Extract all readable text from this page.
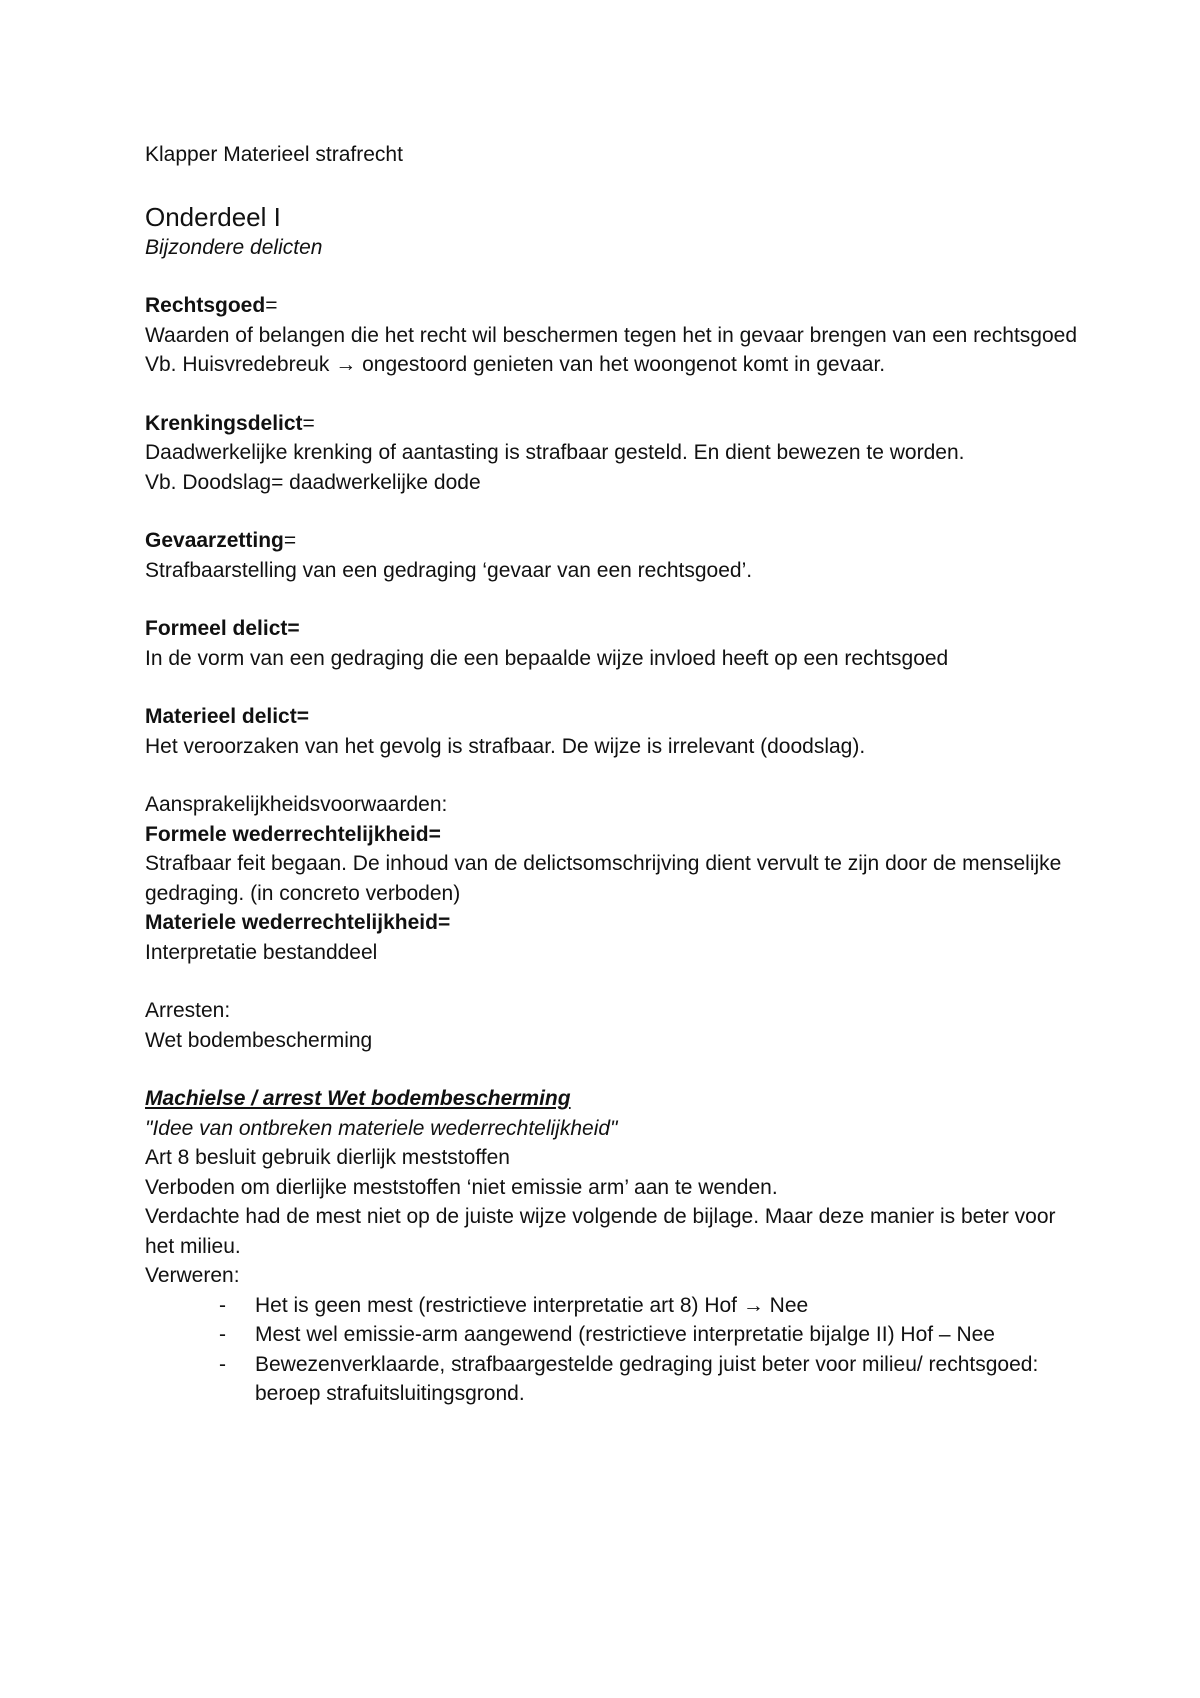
Klapper Materieel strafrecht

Onderdeel I

Bijzondere delicten

Rechtsgoed=

Waarden of belangen die het recht wil beschermen tegen het in gevaar brengen van een rechtsgoed

Vb. Huisvredebreuk → ongestoord genieten van het woongenot komt in gevaar.

Krenkingsdelict=

Daadwerkelijke krenking of aantasting is strafbaar gesteld. En dient bewezen te worden.

Vb. Doodslag= daadwerkelijke dode

Gevaarzetting=

Strafbaarstelling van een gedraging ‘gevaar van een rechtsgoed’.

Formeel delict=

In de vorm van een gedraging die een bepaalde wijze invloed heeft op een rechtsgoed

Materieel delict=

Het veroorzaken van het gevolg is strafbaar. De wijze is irrelevant (doodslag).

Aansprakelijkheidsvoorwaarden:

Formele wederrechtelijkheid=

Strafbaar feit begaan. De inhoud van de delictsomschrijving dient vervult te zijn door de menselijke gedraging. (in concreto verboden)

Materiele wederrechtelijkheid=

Interpretatie bestanddeel

Arresten:

Wet bodembescherming

Machielse / arrest Wet bodembescherming

"Idee van ontbreken materiele wederrechtelijkheid"

Art 8 besluit gebruik dierlijk meststoffen

Verboden om dierlijke meststoffen ‘niet emissie arm’ aan te wenden.

Verdachte had de mest niet op de juiste wijze volgende de bijlage. Maar deze manier is beter voor het milieu.

Verweren:

- Het is geen mest (restrictieve interpretatie art 8) Hof → Nee
- Mest wel emissie-arm aangewend (restrictieve interpretatie bijalge II) Hof – Nee
- Bewezenverklaarde, strafbaargestelde gedraging juist beter voor milieu/ rechtsgoed: beroep strafuitsluitingsgrond.
